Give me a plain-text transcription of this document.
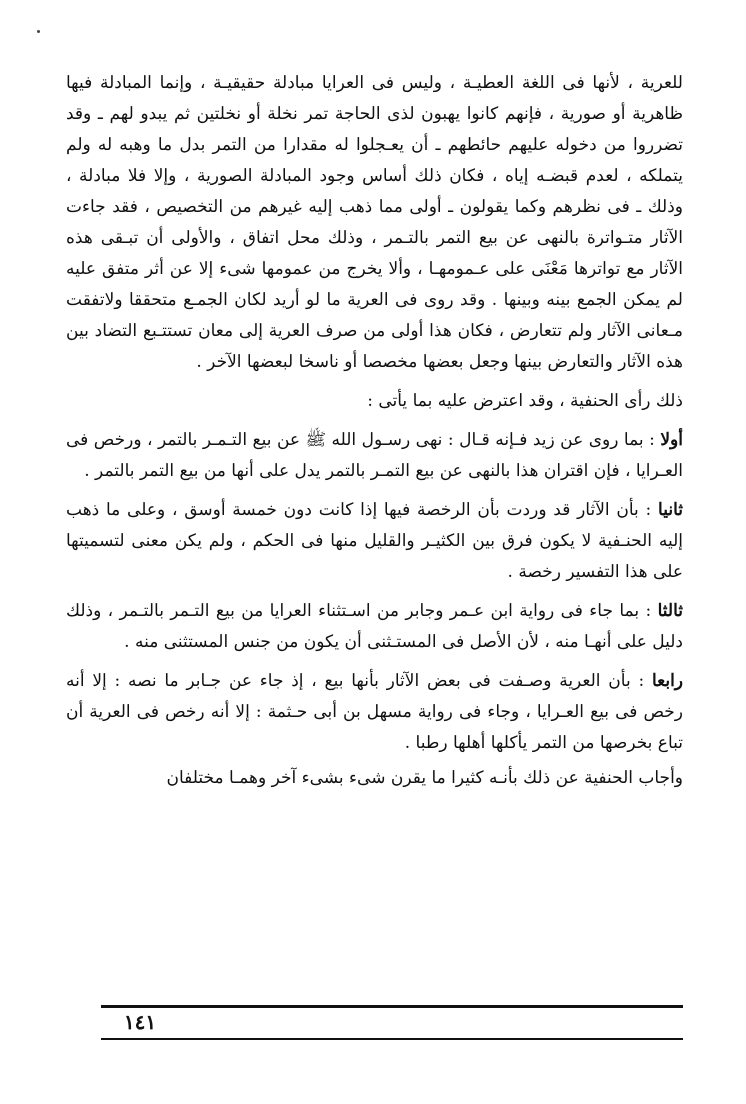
للعرية ، لأنها فى اللغة العطيـة ، وليس فى العرايا مبادلة حقيقيـة ، وإنما المبادلة فيها ظاهرية أو صورية ، فإنهم كانوا يهبون لذى الحاجة تمر نخلة أو نخلتين ثم يبدو لهم ـ وقد تضرروا من دخوله عليهم حائطهم ـ أن يعـجلوا له مقدارا من التمر بدل ما وهبه له ولم يتملكه ، لعدم قبضـه إياه ، فكان ذلك أساس وجود المبادلة الصورية ، وإلا فلا مبادلة ، وذلك ـ فى نظرهم وكما يقولون ـ أولى مما ذهب إليه غيرهم من التخصيص ، فقد جاءت الآثار متـواترة بالنهى عن بيع التمر بالتـمر ، وذلك محل اتفاق ، والأولى أن تبـقى هذه الآثار مع تواترها مَعْنَى على عـمومهـا ، وألا يخرج من عمومها شىء إلا عن أثر متفق عليه لم يمكن الجمع بينه وبينها . وقد روى فى العرية ما لو أريد لكان الجمـع متحققا ولاتفقت مـعانى الآثار ولم تتعارض ، فكان هذا أولى من صرف العرية إلى معان تستتـبع التضاد بين هذه الآثار والتعارض بينها وجعل بعضها مخصصا أو ناسخا لبعضها الآخر .

ذلك رأى الحنفية ، وقد اعترض عليه بما يأتى :

أولا : بما روى عن زيد فـإنه قـال : نهى رسـول الله ﷺ عن بيع التـمـر بالتمر ، ورخص فى العـرايا ، فإن اقتران هذا بالنهى عن بيع التمـر بالتمر يدل على أنها من بيع التمر بالتمر .

ثانيا : بأن الآثار قد وردت بأن الرخصة فيها إذا كانت دون خمسة أوسق ، وعلى ما ذهب إليه الحنـفية لا يكون فرق بين الكثيـر والقليل منها فى الحكم ، ولم يكن معنى لتسميتها على هذا التفسير رخصة .

ثالثا : بما جاء فى رواية ابن عـمر وجابر من اسـتثناء العرايا من بيع التـمر بالتـمر ، وذلك دليل على أنهـا منه ، لأن الأصل فى المستـثنى أن يكون من جنس المستثنى منه .

رابعا : بأن العرية وصـفت فى بعض الآثار بأنها بيع ، إذ جاء عن جـابر ما نصه : إلا أنه رخص فى بيع العـرايا ، وجاء فى رواية مسهل بن أبى حـثمة : إلا أنه رخص فى العرية أن تباع بخرصها من التمر يأكلها أهلها رطبا .

وأجاب الحنفية عن ذلك بأنـه كثيرا ما يقرن شىء بشىء آخر وهمـا مختلفان

١٤١
